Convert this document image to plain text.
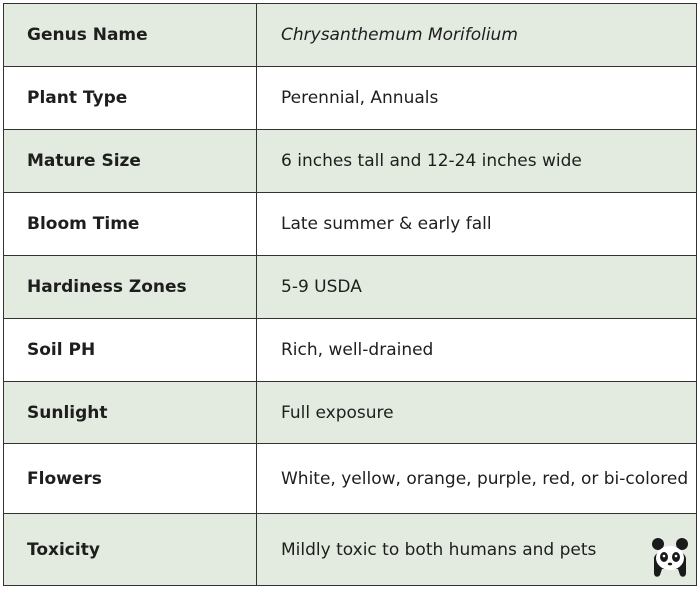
Genus Name	Chrysanthemum Morifolium
Plant Type	Perennial, Annuals
Mature Size	6 inches tall and 12-24 inches wide
Bloom Time	Late summer & early fall
Hardiness Zones	5-9 USDA
Soil PH	Rich, well-drained
Sunlight	Full exposure
Flowers	White, yellow, orange, purple, red, or bi-colored
Toxicity	Mildly toxic to both humans and pets
